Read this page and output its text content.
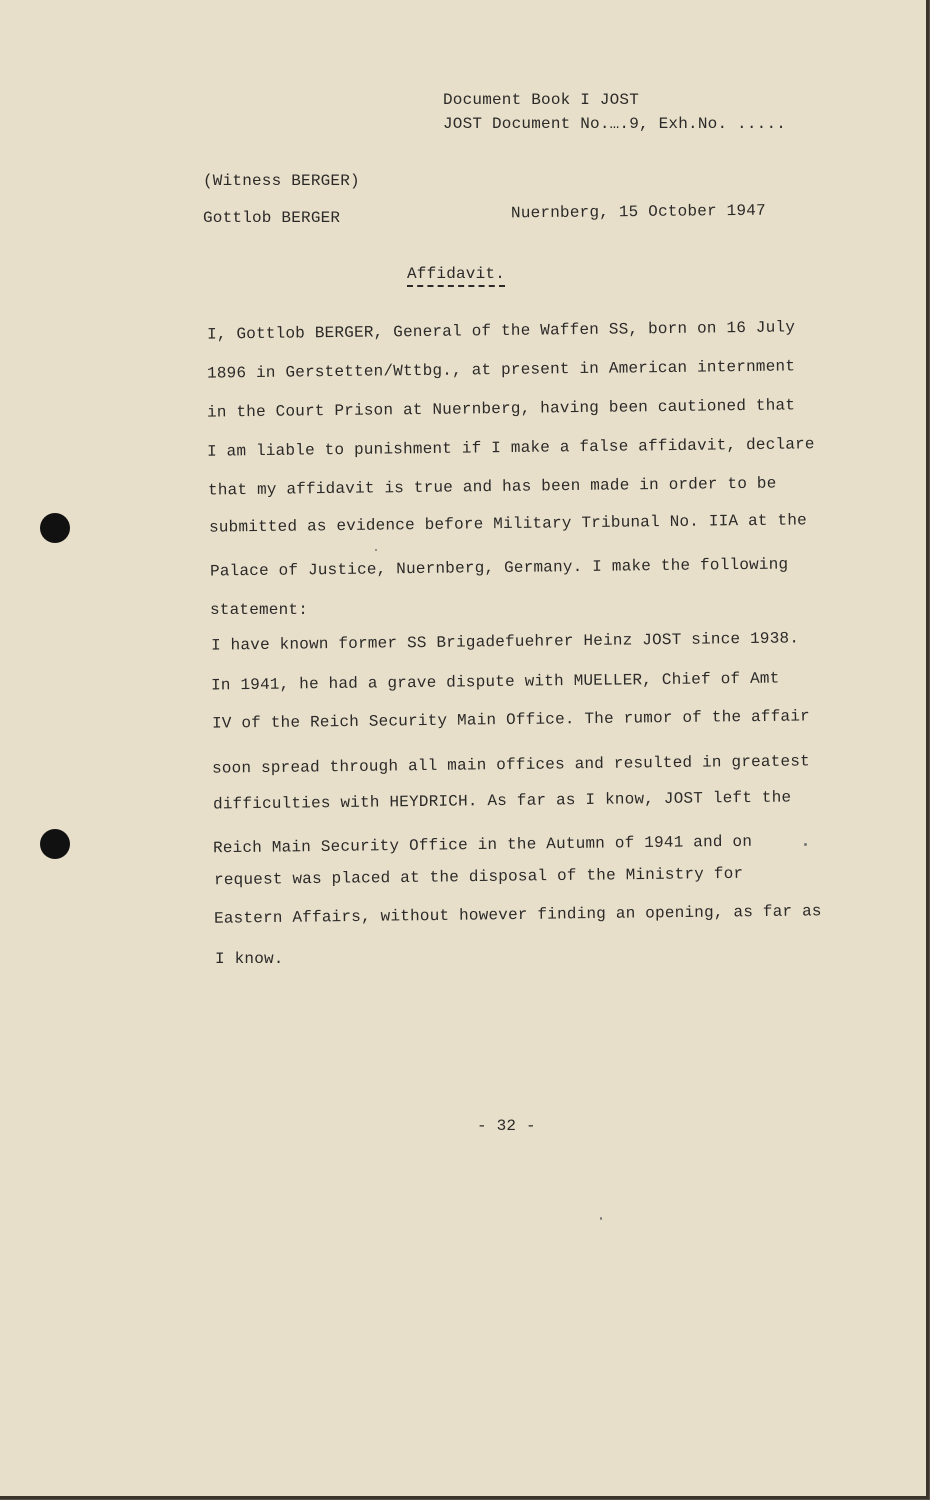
Document Book I JOST
JOST Document No.….9, Exh.No. .....
(Witness BERGER)
Gottlob BERGER	Nuernberg, 15 October 1947
Affidavit.
I, Gottlob BERGER, General of the Waffen SS, born on 16 July
1896 in Gerstetten/Wttbg., at present in American internment
in the Court Prison at Nuernberg, having been cautioned that
I am liable to punishment if I make a false affidavit, declare
that my affidavit is true and has been made in order to be
submitted as evidence before Military Tribunal No. IIA at the
Palace of Justice, Nuernberg, Germany. I make the following
statement:
I have known former SS Brigadefuehrer Heinz JOST since 1938.
In 1941, he had a grave dispute with MUELLER, Chief of Amt
IV of the Reich Security Main Office. The rumor of the affair
soon spread through all main offices and resulted in greatest
difficulties with HEYDRICH. As far as I know, JOST left the
Reich Main Security Office in the Autumn of 1941 and on
request was placed at the disposal of the Ministry for
Eastern Affairs, without however finding an opening, as far as
I know.
- 32 -
